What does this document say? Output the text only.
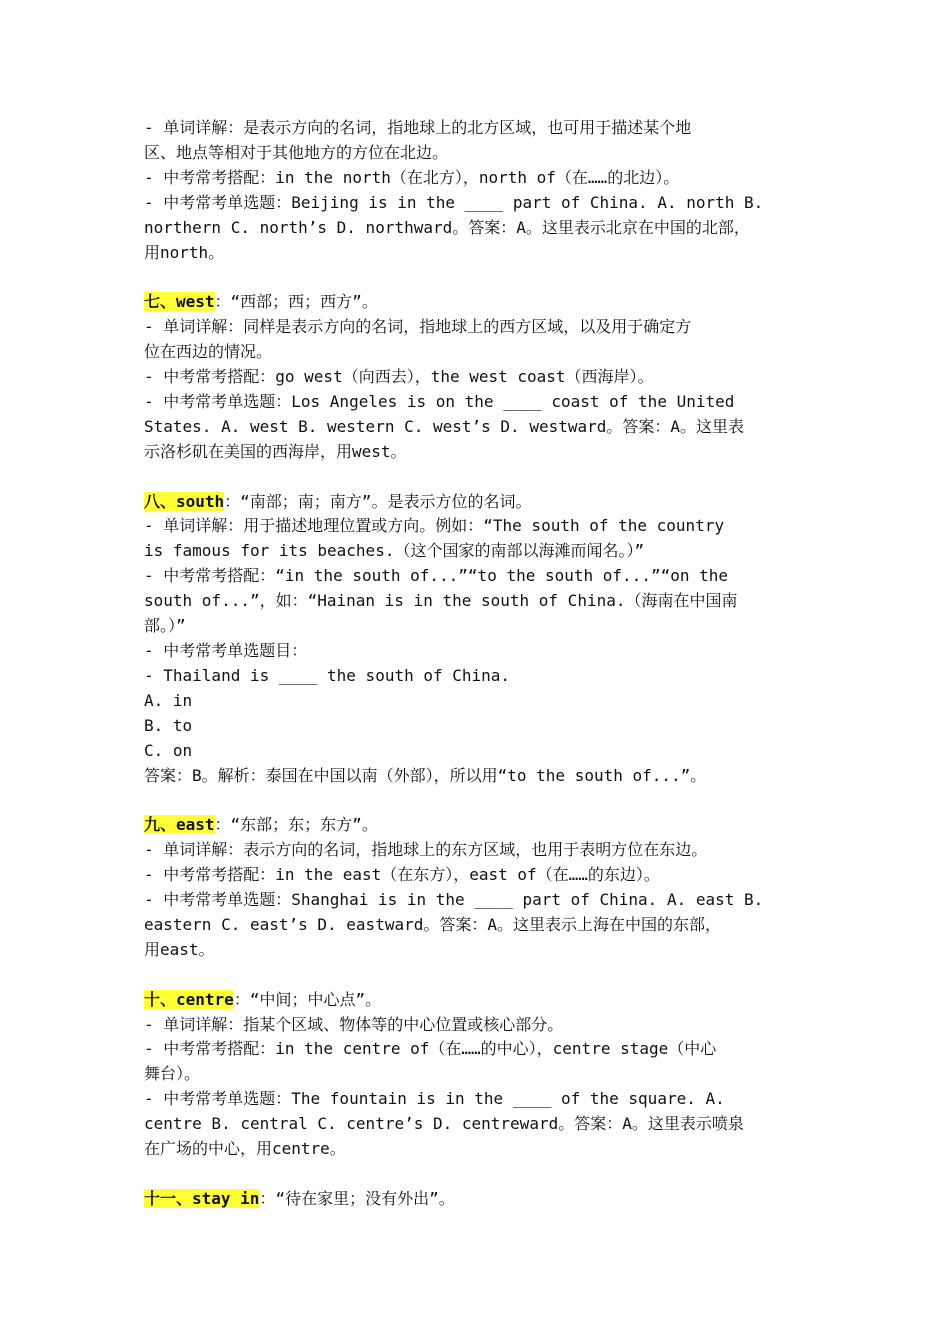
- 单词详解：是表示方向的名词，指地球上的北方区域，也可用于描述某个地

区、地点等相对于其他地方的方位在北边。

- 中考常考搭配：in the north（在北方），north of（在……的北边）。

- 中考常考单选题：Beijing is in the ____ part of China. A. north B.

northern C. north’s D. northward。答案：A。这里表示北京在中国的北部，

用north。

七、west：“西部；西；西方”。

- 单词详解：同样是表示方向的名词，指地球上的西方区域，以及用于确定方

位在西边的情况。

- 中考常考搭配：go west（向西去），the west coast（西海岸）。

- 中考常考单选题：Los Angeles is on the ____ coast of the United

States. A. west B. western C. west’s D. westward。答案：A。这里表

示洛杉矶在美国的西海岸，用west。

八、south：“南部；南；南方”。是表示方位的名词。

- 单词详解：用于描述地理位置或方向。例如：“The south of the country

is famous for its beaches.（这个国家的南部以海滩而闻名。）”

- 中考常考搭配：“in the south of...”“to the south of...”“on the

south of...”，如：“Hainan is in the south of China.（海南在中国南

部。）”

- 中考常考单选题目：

- Thailand is ____ the south of China.

A. in

B. to

C. on

答案：B。解析：泰国在中国以南（外部），所以用“to the south of...”。

九、east：“东部；东；东方”。

- 单词详解：表示方向的名词，指地球上的东方区域，也用于表明方位在东边。

- 中考常考搭配：in the east（在东方），east of（在……的东边）。

- 中考常考单选题：Shanghai is in the ____ part of China. A. east B.

eastern C. east’s D. eastward。答案：A。这里表示上海在中国的东部，

用east。

十、centre：“中间；中心点”。

- 单词详解：指某个区域、物体等的中心位置或核心部分。

- 中考常考搭配：in the centre of（在……的中心），centre stage（中心

舞台）。

- 中考常考单选题：The fountain is in the ____ of the square. A.

centre B. central C. centre’s D. centreward。答案：A。这里表示喷泉

在广场的中心，用centre。

十一、stay in：“待在家里；没有外出”。
